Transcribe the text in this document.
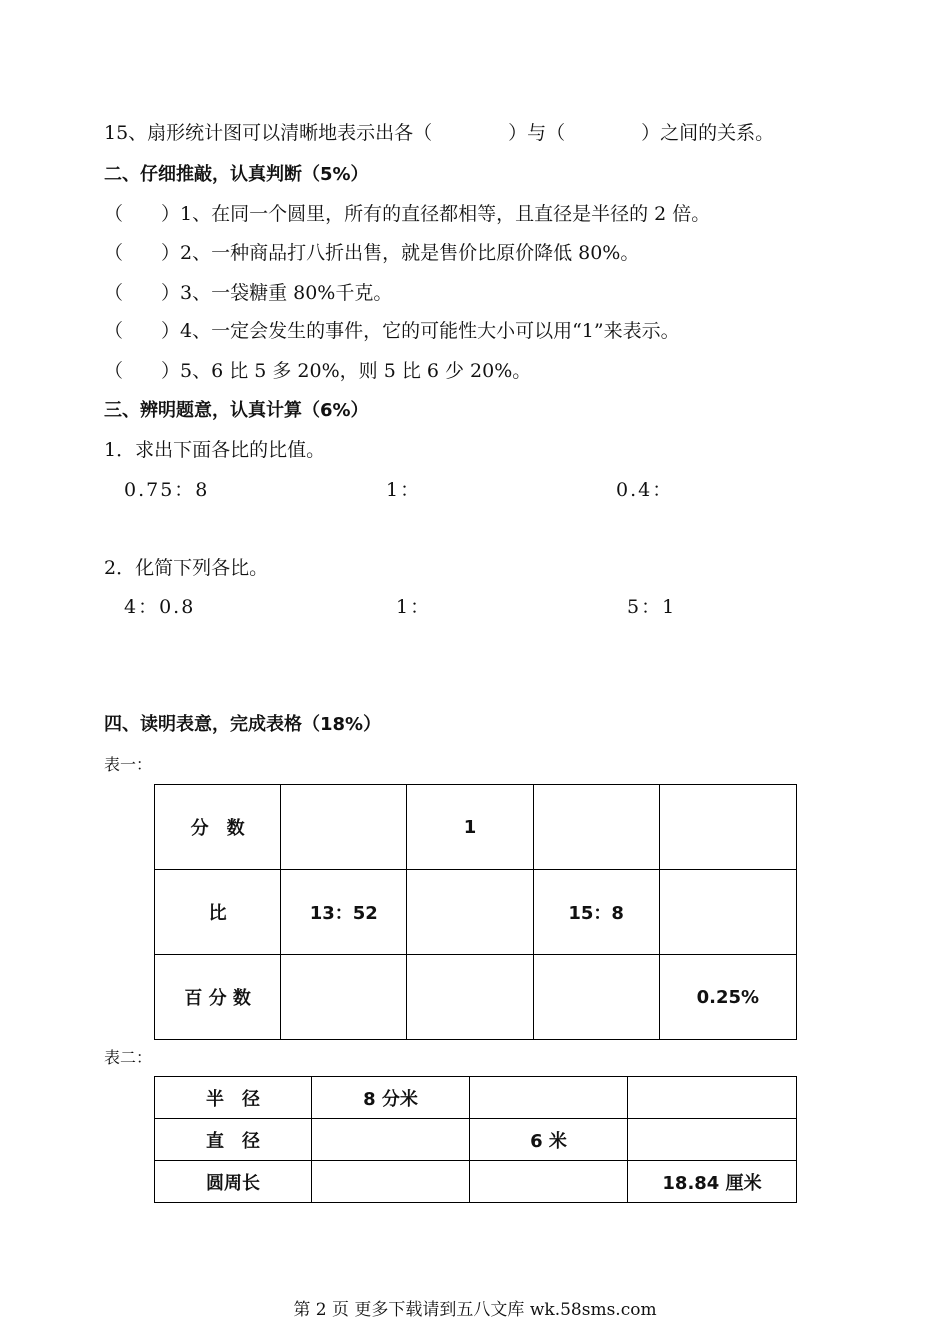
15、扇形统计图可以清晰地表示出各（　　　　）与（　　　　）之间的关系。
二、仔细推敲，认真判断（5%）
（　　）1、在同一个圆里，所有的直径都相等，且直径是半径的 2 倍。
（　　）2、一种商品打八折出售，就是售价比原价降低 80%。
（　　）3、一袋糖重 80%千克。
（　　）4、一定会发生的事件，它的可能性大小可以用“1”来表示。
（　　）5、6 比 5 多 20%，则 5 比 6 少 20%。
三、辨明题意，认真计算（6%）
1．求出下面各比的比值。
0.75：8	1：	0.4：
2．化简下列各比。
4：0.8	1：	5：1
四、读明表意，完成表格（18%）
表一：
分　数		1		
比	13：52		15：8	
百 分 数				0.25%
表二：
半　径	8 分米		
直　径		6 米	
圆周长			18.84 厘米
第 2 页 更多下载请到五八文库 wk.58sms.com
